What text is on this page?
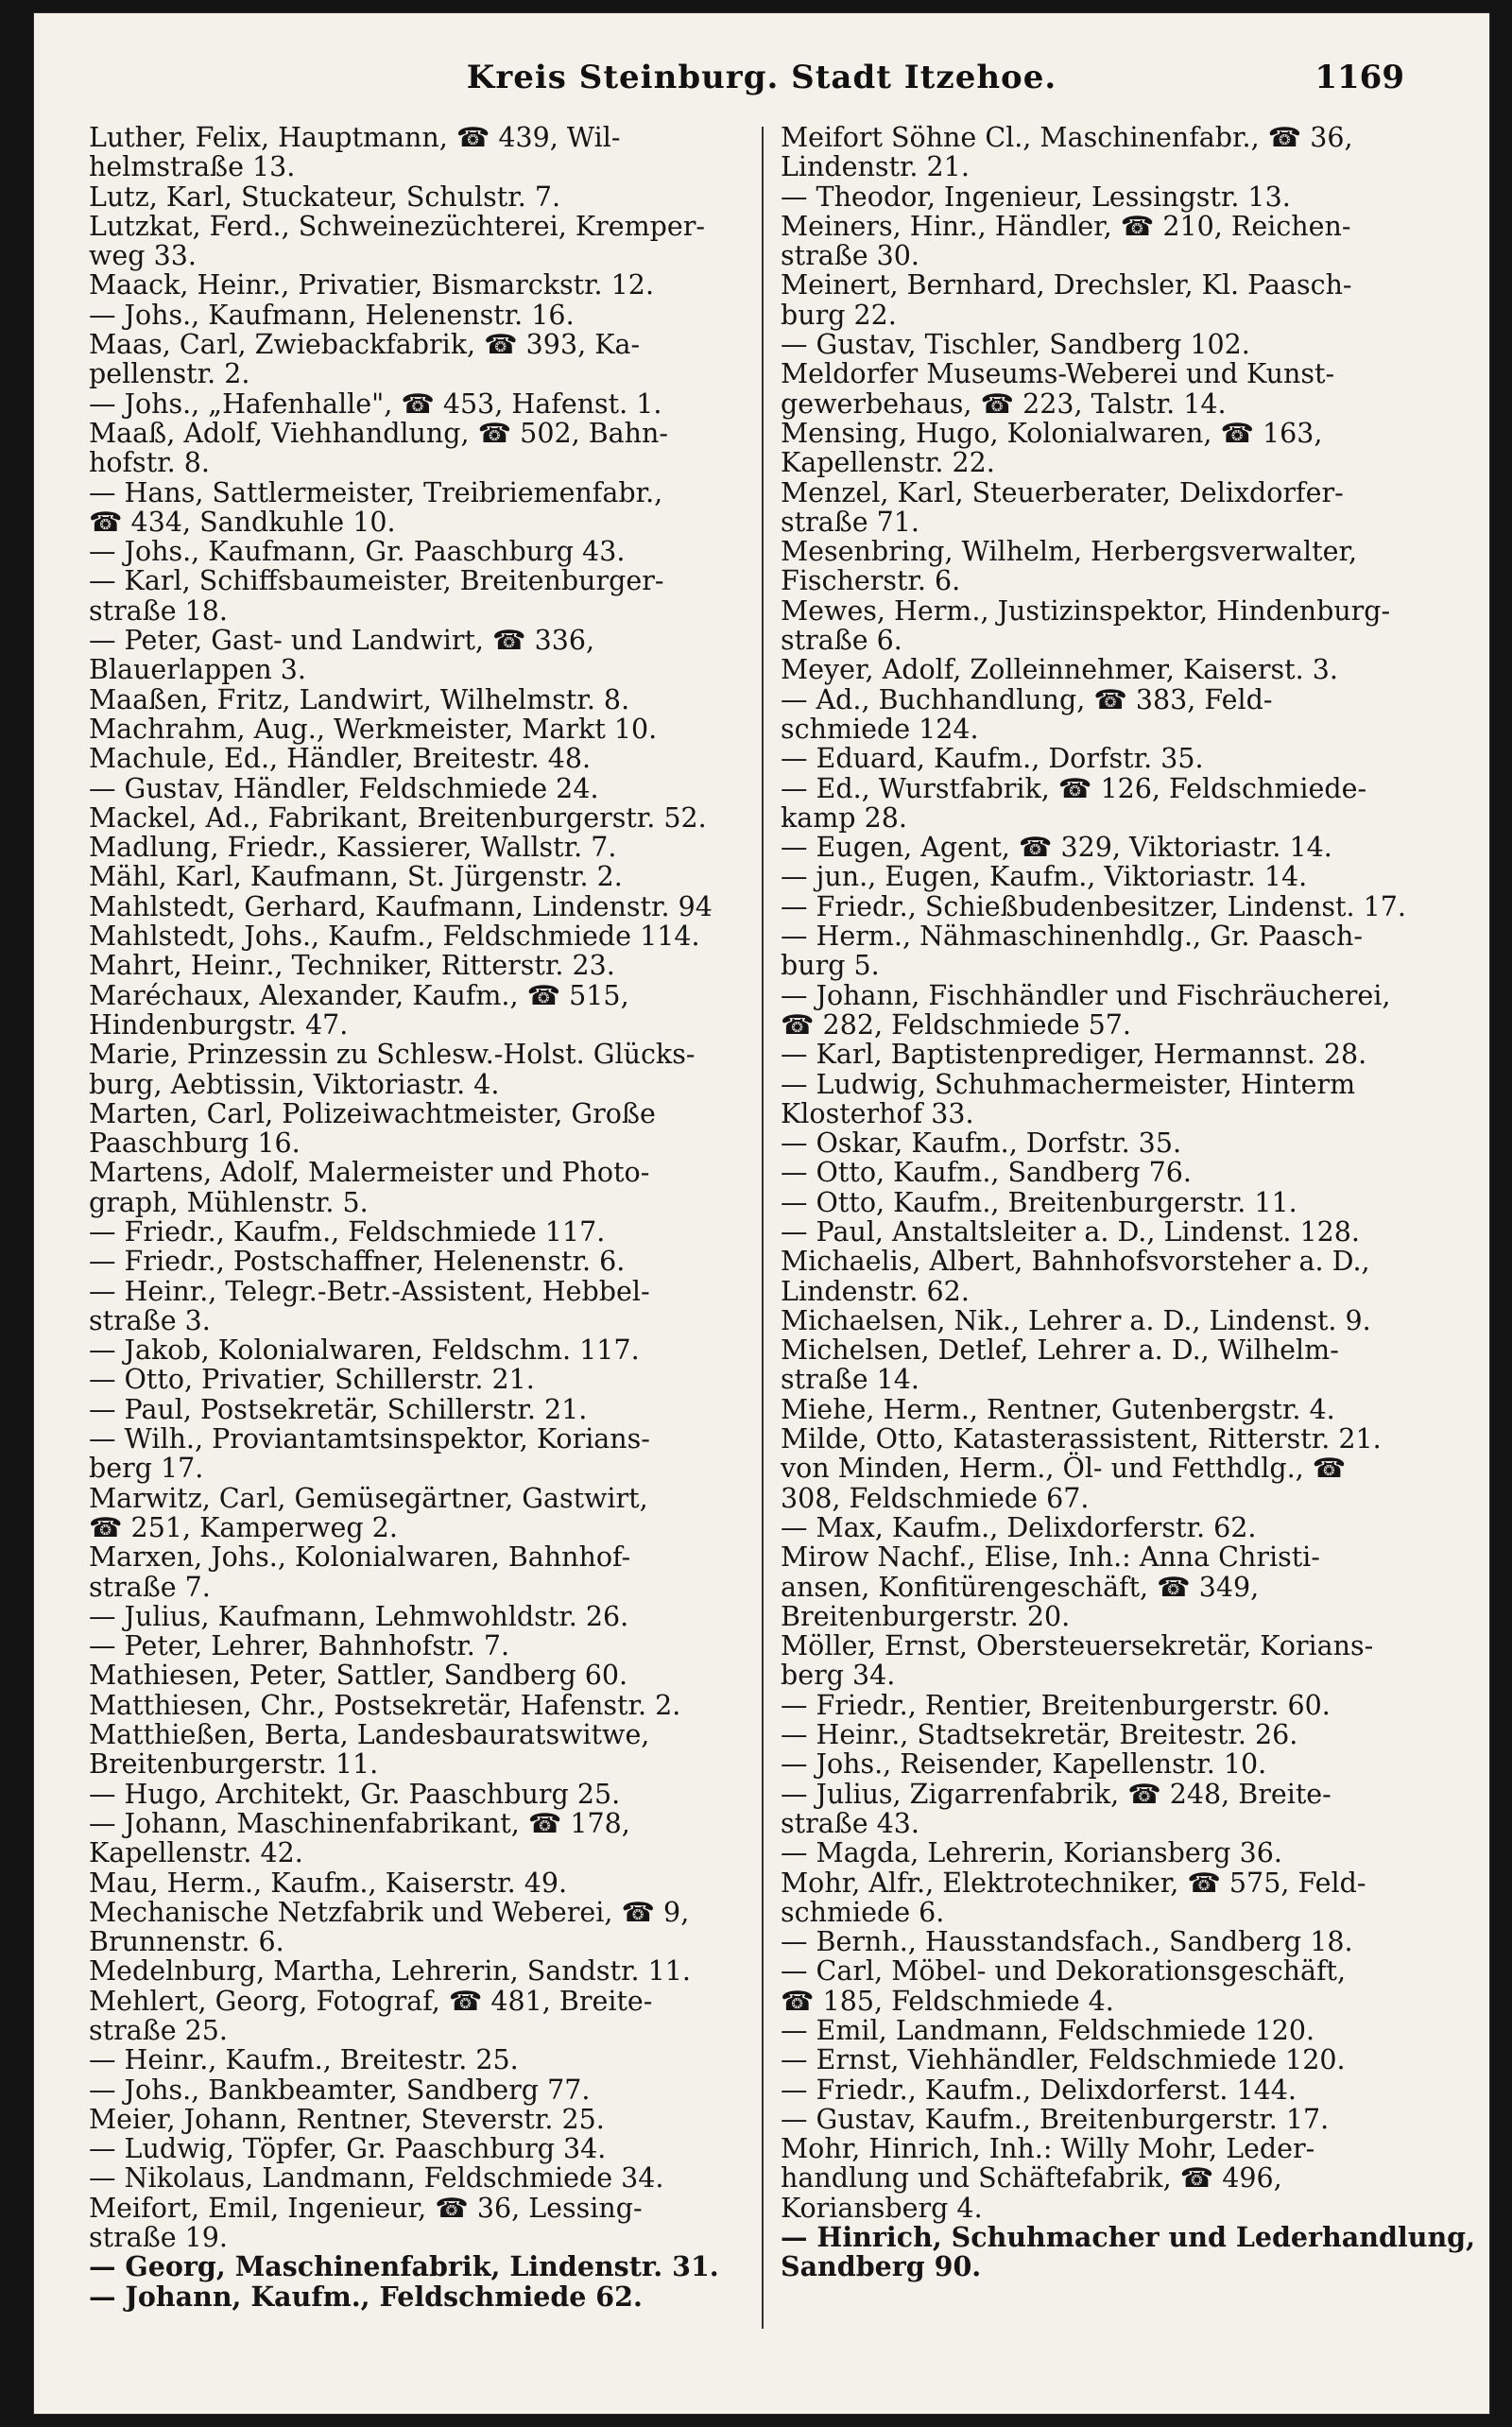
Kreis Steinburg. Stadt Itzehoe.	1169
Luther, Felix, Hauptmann, ☎ 439, Wil-
helmstraße 13.
Lutz, Karl, Stuckateur, Schulstr. 7.
Lutzkat, Ferd., Schweinezüchterei, Kremper-
weg 33.
Maack, Heinr., Privatier, Bismarckstr. 12.
— Johs., Kaufmann, Helenenstr. 16.
Maas, Carl, Zwiebackfabrik, ☎ 393, Ka-
pellenstr. 2.
— Johs., „Hafenhalle", ☎ 453, Hafenst. 1.
Maaß, Adolf, Viehhandlung, ☎ 502, Bahn-
hofstr. 8.
— Hans, Sattlermeister, Treibriemenfabr.,
☎ 434, Sandkuhle 10.
— Johs., Kaufmann, Gr. Paaschburg 43.
— Karl, Schiffsbaumeister, Breitenburger-
straße 18.
— Peter, Gast- und Landwirt, ☎ 336,
Blauerlappen 3.
Maaßen, Fritz, Landwirt, Wilhelmstr. 8.
Machrahm, Aug., Werkmeister, Markt 10.
Machule, Ed., Händler, Breitestr. 48.
— Gustav, Händler, Feldschmiede 24.
Mackel, Ad., Fabrikant, Breitenburgerstr. 52.
Madlung, Friedr., Kassierer, Wallstr. 7.
Mähl, Karl, Kaufmann, St. Jürgenstr. 2.
Mahlstedt, Gerhard, Kaufmann, Lindenstr. 94
Mahlstedt, Johs., Kaufm., Feldschmiede 114.
Mahrt, Heinr., Techniker, Ritterstr. 23.
Maréchaux, Alexander, Kaufm., ☎ 515,
Hindenburgstr. 47.
Marie, Prinzessin zu Schlesw.-Holst. Glücks-
burg, Aebtissin, Viktoriastr. 4.
Marten, Carl, Polizeiwachtmeister, Große
Paaschburg 16.
Martens, Adolf, Malermeister und Photo-
graph, Mühlenstr. 5.
— Friedr., Kaufm., Feldschmiede 117.
— Friedr., Postschaffner, Helenenstr. 6.
— Heinr., Telegr.-Betr.-Assistent, Hebbel-
straße 3.
— Jakob, Kolonialwaren, Feldschm. 117.
— Otto, Privatier, Schillerstr. 21.
— Paul, Postsekretär, Schillerstr. 21.
— Wilh., Proviantamtsinspektor, Korians-
berg 17.
Marwitz, Carl, Gemüsegärtner, Gastwirt,
☎ 251, Kamperweg 2.
Marxen, Johs., Kolonialwaren, Bahnhof-
straße 7.
— Julius, Kaufmann, Lehmwohldstr. 26.
— Peter, Lehrer, Bahnhofstr. 7.
Mathiesen, Peter, Sattler, Sandberg 60.
Matthiesen, Chr., Postsekretär, Hafenstr. 2.
Matthießen, Berta, Landesbauratswitwe,
Breitenburgerstr. 11.
— Hugo, Architekt, Gr. Paaschburg 25.
— Johann, Maschinenfabrikant, ☎ 178,
Kapellenstr. 42.
Mau, Herm., Kaufm., Kaiserstr. 49.
Mechanische Netzfabrik und Weberei, ☎ 9,
Brunnenstr. 6.
Medelnburg, Martha, Lehrerin, Sandstr. 11.
Mehlert, Georg, Fotograf, ☎ 481, Breite-
straße 25.
— Heinr., Kaufm., Breitestr. 25.
— Johs., Bankbeamter, Sandberg 77.
Meier, Johann, Rentner, Steverstr. 25.
— Ludwig, Töpfer, Gr. Paaschburg 34.
— Nikolaus, Landmann, Feldschmiede 34.
Meifort, Emil, Ingenieur, ☎ 36, Lessing-
straße 19.
— Georg, Maschinenfabrik, Lindenstr. 31.
— Johann, Kaufm., Feldschmiede 62.
Meifort Söhne Cl., Maschinenfabr., ☎ 36,
Lindenstr. 21.
— Theodor, Ingenieur, Lessingstr. 13.
Meiners, Hinr., Händler, ☎ 210, Reichen-
straße 30.
Meinert, Bernhard, Drechsler, Kl. Paasch-
burg 22.
— Gustav, Tischler, Sandberg 102.
Meldorfer Museums-Weberei und Kunst-
gewerbehaus, ☎ 223, Talstr. 14.
Mensing, Hugo, Kolonialwaren, ☎ 163,
Kapellenstr. 22.
Menzel, Karl, Steuerberater, Delixdorfer-
straße 71.
Mesenbring, Wilhelm, Herbergsverwalter,
Fischerstr. 6.
Mewes, Herm., Justizinspektor, Hindenburg-
straße 6.
Meyer, Adolf, Zolleinnehmer, Kaiserst. 3.
— Ad., Buchhandlung, ☎ 383, Feld-
schmiede 124.
— Eduard, Kaufm., Dorfstr. 35.
— Ed., Wurstfabrik, ☎ 126, Feldschmiede-
kamp 28.
— Eugen, Agent, ☎ 329, Viktoriastr. 14.
— jun., Eugen, Kaufm., Viktoriastr. 14.
— Friedr., Schießbudenbesitzer, Lindenst. 17.
— Herm., Nähmaschinenhdlg., Gr. Paasch-
burg 5.
— Johann, Fischhändler und Fischräucherei,
☎ 282, Feldschmiede 57.
— Karl, Baptistenprediger, Hermannst. 28.
— Ludwig, Schuhmachermeister, Hinterm
Klosterhof 33.
— Oskar, Kaufm., Dorfstr. 35.
— Otto, Kaufm., Sandberg 76.
— Otto, Kaufm., Breitenburgerstr. 11.
— Paul, Anstaltsleiter a. D., Lindenst. 128.
Michaelis, Albert, Bahnhofsvorsteher a. D.,
Lindenstr. 62.
Michaelsen, Nik., Lehrer a. D., Lindenst. 9.
Michelsen, Detlef, Lehrer a. D., Wilhelm-
straße 14.
Miehe, Herm., Rentner, Gutenbergstr. 4.
Milde, Otto, Katasterassistent, Ritterstr. 21.
von Minden, Herm., Öl- und Fetthdlg., ☎
308, Feldschmiede 67.
— Max, Kaufm., Delixdorferstr. 62.
Mirow Nachf., Elise, Inh.: Anna Christi-
ansen, Konfitürengeschäft, ☎ 349,
Breitenburgerstr. 20.
Möller, Ernst, Obersteuersekretär, Korians-
berg 34.
— Friedr., Rentier, Breitenburgerstr. 60.
— Heinr., Stadtsekretär, Breitestr. 26.
— Johs., Reisender, Kapellenstr. 10.
— Julius, Zigarrenfabrik, ☎ 248, Breite-
straße 43.
— Magda, Lehrerin, Koriansberg 36.
Mohr, Alfr., Elektrotechniker, ☎ 575, Feld-
schmiede 6.
— Bernh., Hausstandsfach., Sandberg 18.
— Carl, Möbel- und Dekorationsgeschäft,
☎ 185, Feldschmiede 4.
— Emil, Landmann, Feldschmiede 120.
— Ernst, Viehhändler, Feldschmiede 120.
— Friedr., Kaufm., Delixdorferst. 144.
— Gustav, Kaufm., Breitenburgerstr. 17.
Mohr, Hinrich, Inh.: Willy Mohr, Leder-
handlung und Schäftefabrik, ☎ 496,
Koriansberg 4.
— Hinrich, Schuhmacher und Lederhandlung,
Sandberg 90.
